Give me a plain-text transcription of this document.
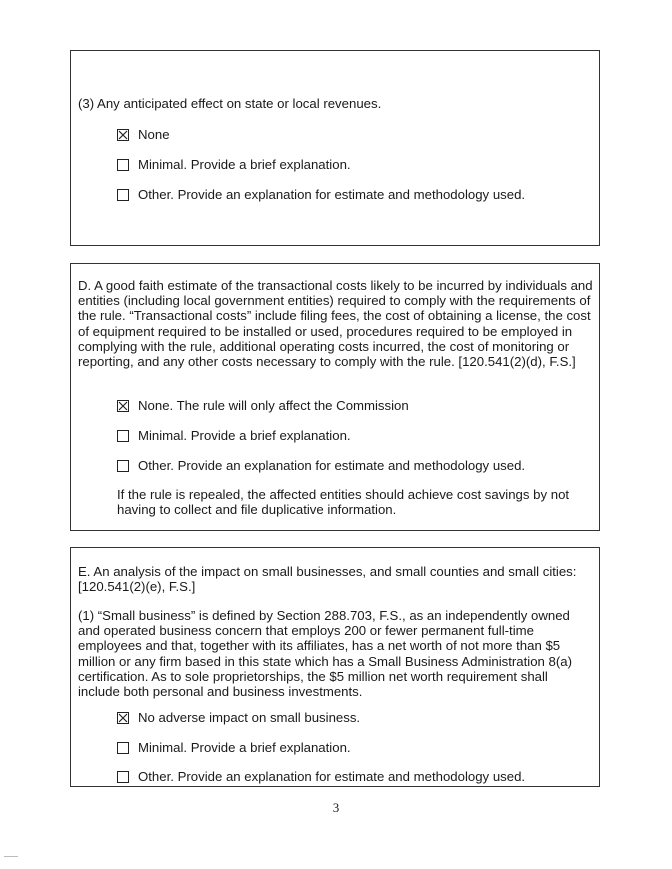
(3) Any anticipated effect on state or local revenues.

None
Minimal. Provide a brief explanation.
Other. Provide an explanation for estimate and methodology used.

D. A good faith estimate of the transactional costs likely to be incurred by individuals and entities (including local government entities) required to comply with the requirements of the rule. “Transactional costs” include filing fees, the cost of obtaining a license, the cost of equipment required to be installed or used, procedures required to be employed in complying with the rule, additional operating costs incurred, the cost of monitoring or reporting, and any other costs necessary to comply with the rule. [120.541(2)(d), F.S.]

None. The rule will only affect the Commission
Minimal. Provide a brief explanation.
Other. Provide an explanation for estimate and methodology used.

If the rule is repealed, the affected entities should achieve cost savings by not having to collect and file duplicative information.

E. An analysis of the impact on small businesses, and small counties and small cities: [120.541(2)(e), F.S.]

(1) “Small business” is defined by Section 288.703, F.S., as an independently owned and operated business concern that employs 200 or fewer permanent full-time employees and that, together with its affiliates, has a net worth of not more than $5 million or any firm based in this state which has a Small Business Administration 8(a) certification. As to sole proprietorships, the $5 million net worth requirement shall include both personal and business investments.

No adverse impact on small business.
Minimal. Provide a brief explanation.
Other. Provide an explanation for estimate and methodology used.
3
